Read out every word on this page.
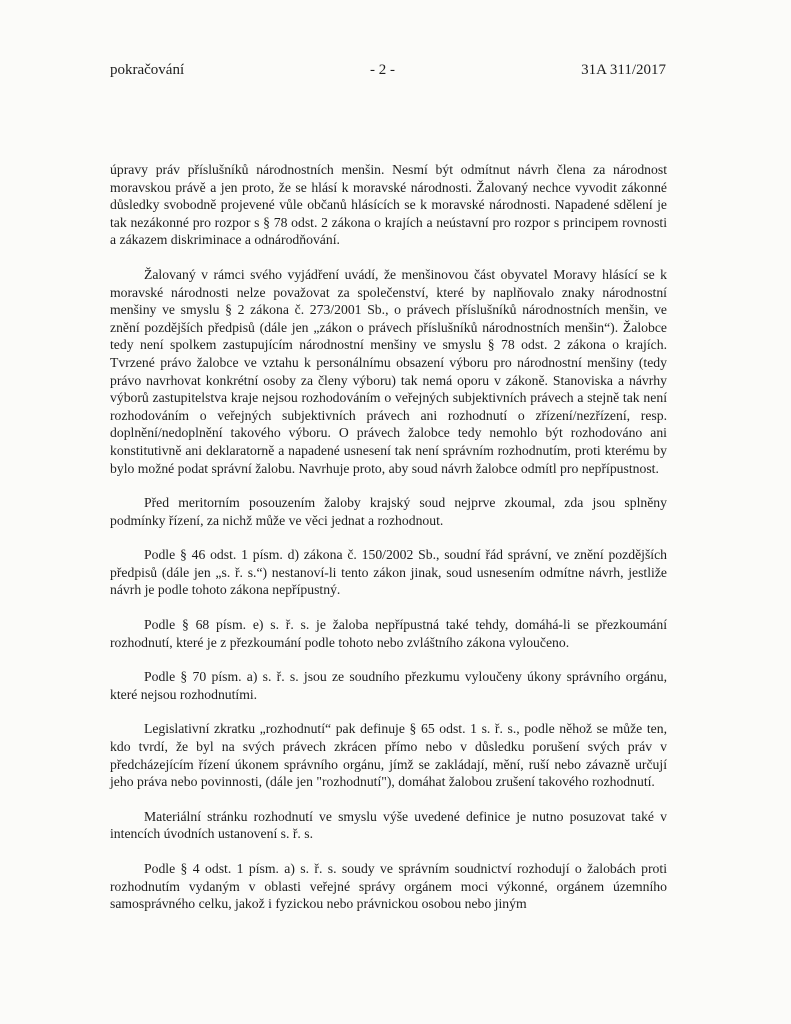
pokračování	- 2 -	31A 311/2017

úpravy práv příslušníků národnostních menšin. Nesmí být odmítnut návrh člena za národnost moravskou právě a jen proto, že se hlásí k moravské národnosti. Žalovaný nechce vyvodit zákonné důsledky svobodně projevené vůle občanů hlásících se k moravské národnosti. Napadené sdělení je tak nezákonné pro rozpor s § 78 odst. 2 zákona o krajích a neústavní pro rozpor s principem rovnosti a zákazem diskriminace a odnárodňování.

Žalovaný v rámci svého vyjádření uvádí, že menšinovou část obyvatel Moravy hlásící se k moravské národnosti nelze považovat za společenství, které by naplňovalo znaky národnostní menšiny ve smyslu § 2 zákona č. 273/2001 Sb., o právech příslušníků národnostních menšin, ve znění pozdějších předpisů (dále jen „zákon o právech příslušníků národnostních menšin“). Žalobce tedy není spolkem zastupujícím národnostní menšiny ve smyslu § 78 odst. 2 zákona o krajích. Tvrzené právo žalobce ve vztahu k personálnímu obsazení výboru pro národnostní menšiny (tedy právo navrhovat konkrétní osoby za členy výboru) tak nemá oporu v zákoně. Stanoviska a návrhy výborů zastupitelstva kraje nejsou rozhodováním o veřejných subjektivních právech a stejně tak není rozhodováním o veřejných subjektivních právech ani rozhodnutí o zřízení/nezřízení, resp. doplnění/nedoplnění takového výboru. O právech žalobce tedy nemohlo být rozhodováno ani konstitutivně ani deklaratorně a napadené usnesení tak není správním rozhodnutím, proti kterému by bylo možné podat správní žalobu. Navrhuje proto, aby soud návrh žalobce odmítl pro nepřípustnost.

Před meritorním posouzením žaloby krajský soud nejprve zkoumal, zda jsou splněny podmínky řízení, za nichž může ve věci jednat a rozhodnout.

Podle § 46 odst. 1 písm. d) zákona č. 150/2002 Sb., soudní řád správní, ve znění pozdějších předpisů (dále jen „s. ř. s.“) nestanoví-li tento zákon jinak, soud usnesením odmítne návrh, jestliže návrh je podle tohoto zákona nepřípustný.

Podle § 68 písm. e) s. ř. s. je žaloba nepřípustná také tehdy, domáhá-li se přezkoumání rozhodnutí, které je z přezkoumání podle tohoto nebo zvláštního zákona vyloučeno.

Podle § 70 písm. a) s. ř. s. jsou ze soudního přezkumu vyloučeny úkony správního orgánu, které nejsou rozhodnutími.

Legislativní zkratku „rozhodnutí“ pak definuje § 65 odst. 1 s. ř. s., podle něhož se může ten, kdo tvrdí, že byl na svých právech zkrácen přímo nebo v důsledku porušení svých práv v předcházejícím řízení úkonem správního orgánu, jímž se zakládají, mění, ruší nebo závazně určují jeho práva nebo povinnosti, (dále jen "rozhodnutí"), domáhat žalobou zrušení takového rozhodnutí.

Materiální stránku rozhodnutí ve smyslu výše uvedené definice je nutno posuzovat také v intencích úvodních ustanovení s. ř. s.

Podle § 4 odst. 1 písm. a) s. ř. s. soudy ve správním soudnictví rozhodují o žalobách proti rozhodnutím vydaným v oblasti veřejné správy orgánem moci výkonné, orgánem územního samosprávného celku, jakož i fyzickou nebo právnickou osobou nebo jiným
